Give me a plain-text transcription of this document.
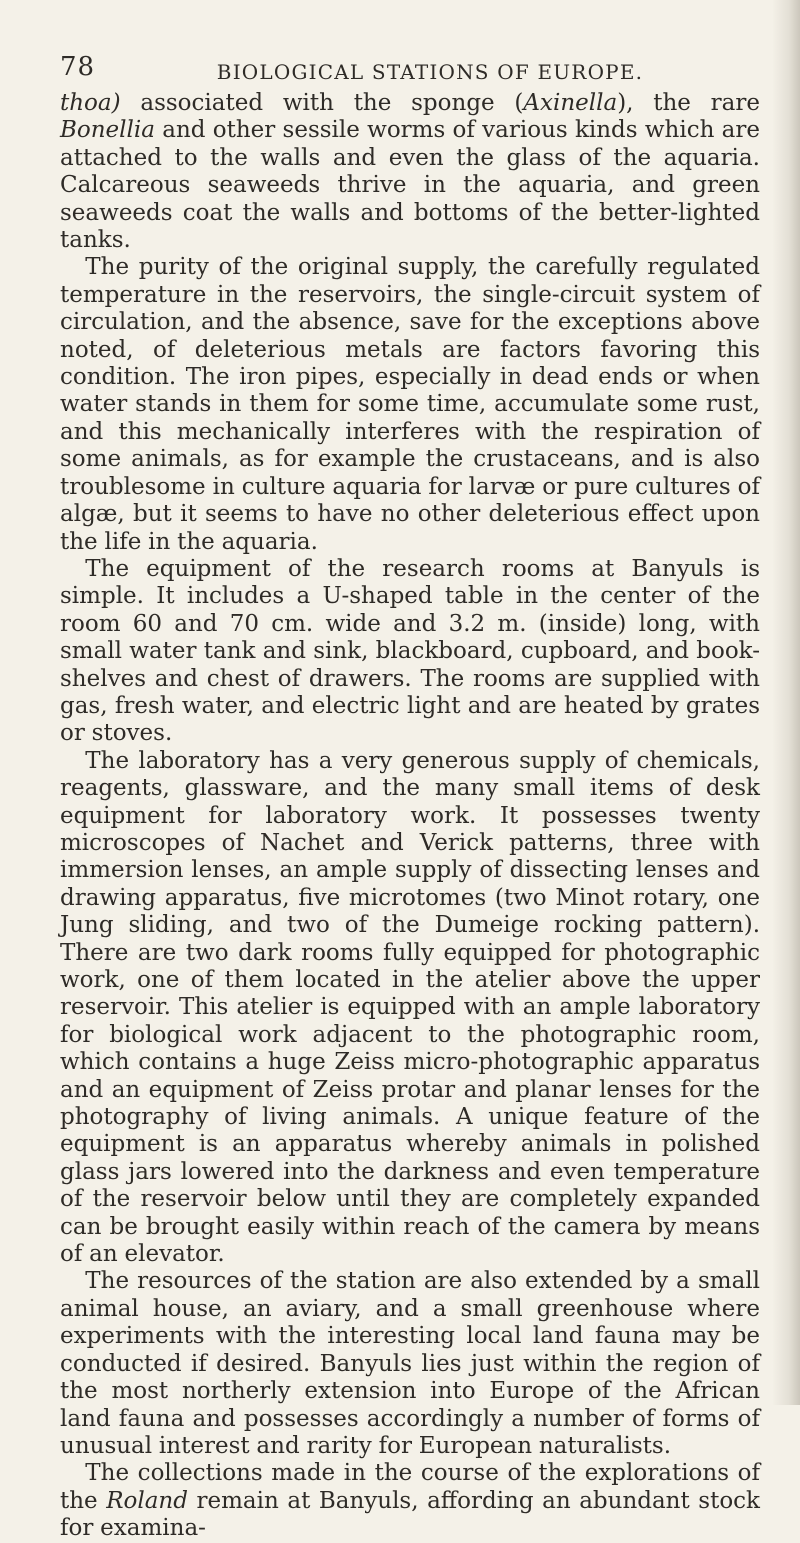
78	BIOLOGICAL STATIONS OF EUROPE.

thoa) associated with the sponge (Axinella), the rare Bonellia and other sessile worms of various kinds which are attached to the walls and even the glass of the aquaria. Calcareous seaweeds thrive in the aquaria, and green seaweeds coat the walls and bottoms of the better-lighted tanks.

The purity of the original supply, the carefully regulated temperature in the reservoirs, the single-circuit system of circulation, and the absence, save for the exceptions above noted, of deleterious metals are factors favoring this condition. The iron pipes, especially in dead ends or when water stands in them for some time, accumulate some rust, and this mechanically interferes with the respiration of some animals, as for example the crustaceans, and is also troublesome in culture aquaria for larvæ or pure cultures of algæ, but it seems to have no other deleterious effect upon the life in the aquaria.

The equipment of the research rooms at Banyuls is simple. It includes a U-shaped table in the center of the room 60 and 70 cm. wide and 3.2 m. (inside) long, with small water tank and sink, blackboard, cupboard, and book-shelves and chest of drawers. The rooms are supplied with gas, fresh water, and electric light and are heated by grates or stoves.

The laboratory has a very generous supply of chemicals, reagents, glassware, and the many small items of desk equipment for laboratory work. It possesses twenty microscopes of Nachet and Verick patterns, three with immersion lenses, an ample supply of dissecting lenses and drawing apparatus, five microtomes (two Minot rotary, one Jung sliding, and two of the Dumeige rocking pattern). There are two dark rooms fully equipped for photographic work, one of them located in the atelier above the upper reservoir. This atelier is equipped with an ample laboratory for biological work adjacent to the photographic room, which contains a huge Zeiss micro-photographic apparatus and an equipment of Zeiss protar and planar lenses for the photography of living animals. A unique feature of the equipment is an apparatus whereby animals in polished glass jars lowered into the darkness and even temperature of the reservoir below until they are completely expanded can be brought easily within reach of the camera by means of an elevator.

The resources of the station are also extended by a small animal house, an aviary, and a small greenhouse where experiments with the interesting local land fauna may be conducted if desired. Banyuls lies just within the region of the most northerly extension into Europe of the African land fauna and possesses accordingly a number of forms of unusual interest and rarity for European naturalists.

The collections made in the course of the explorations of the Roland remain at Banyuls, affording an abundant stock for examina-
